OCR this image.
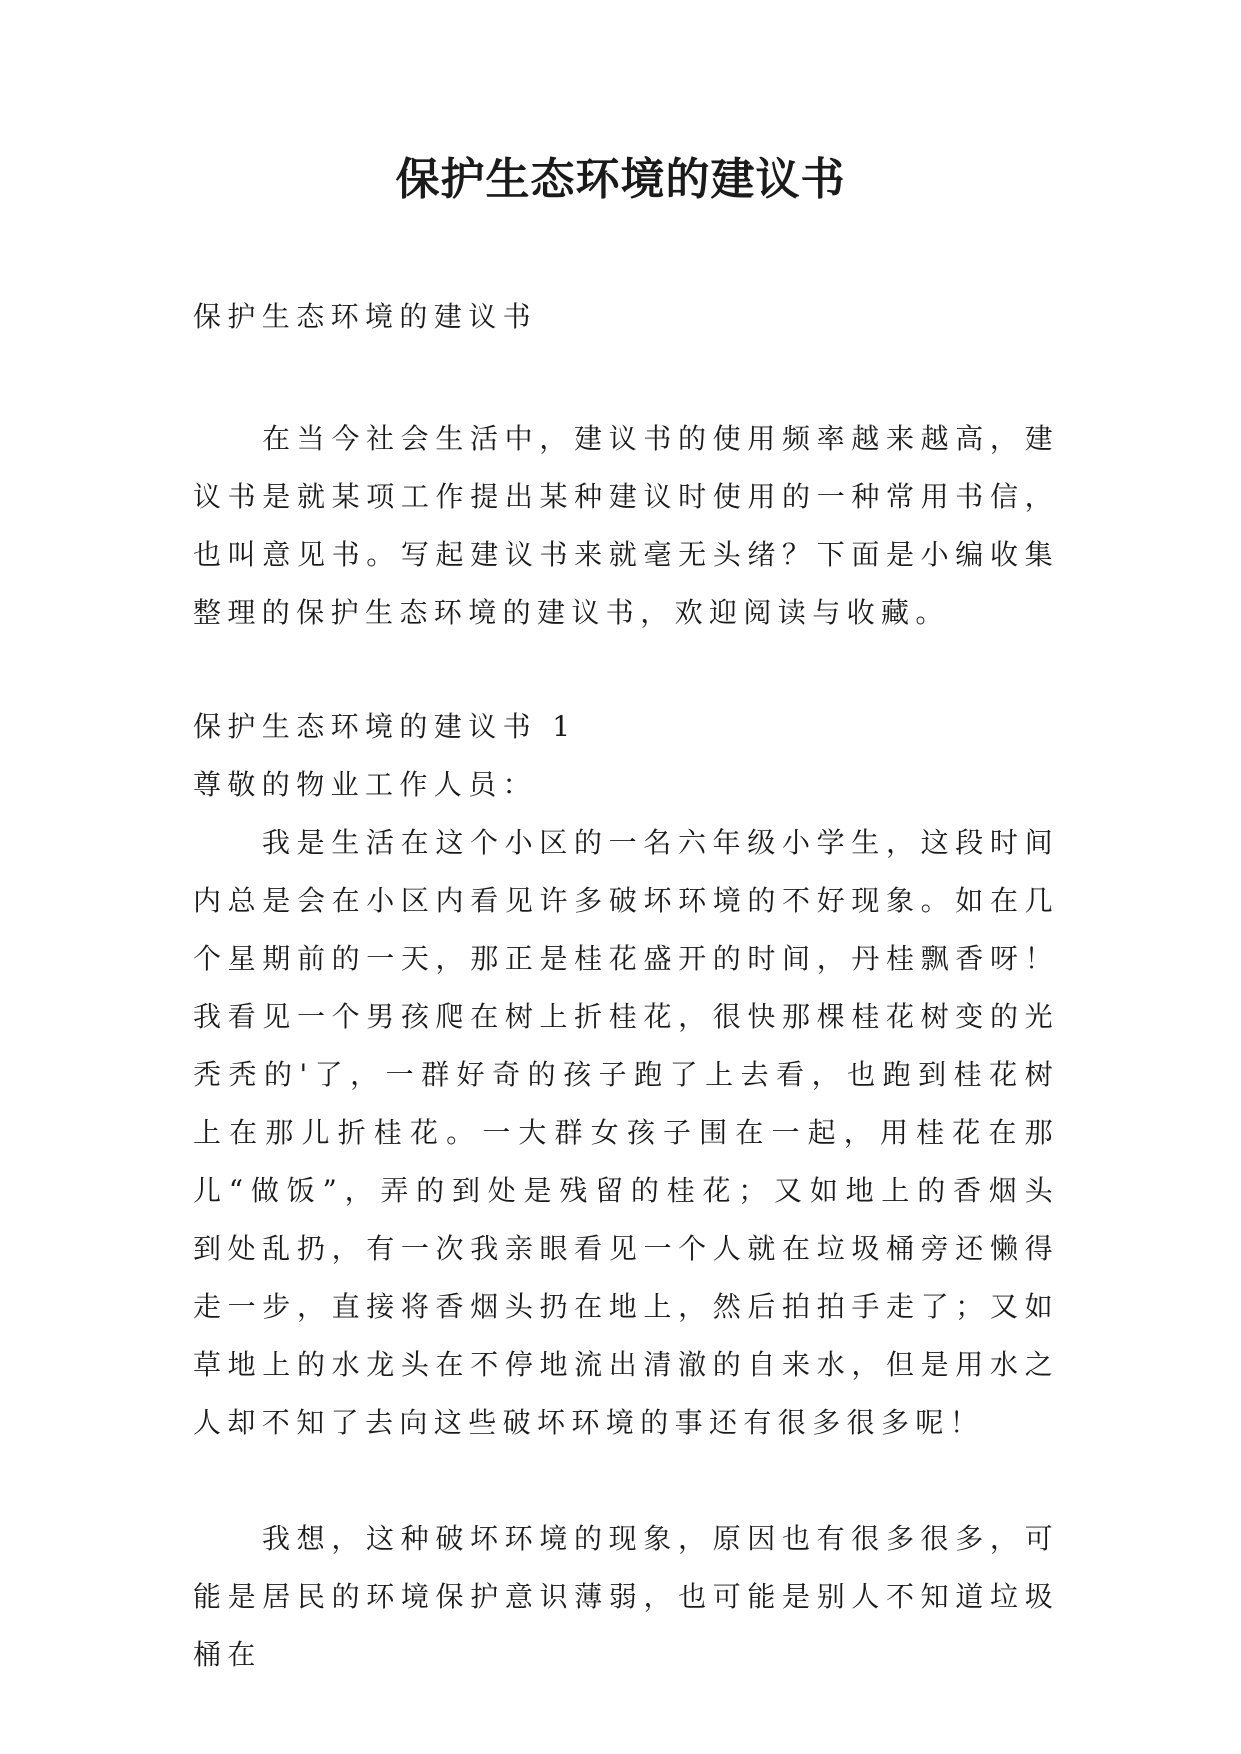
保护生态环境的建议书

保护生态环境的建议书

在当今社会生活中，建议书的使用频率越来越高，建议书是就某项工作提出某种建议时使用的一种常用书信，也叫意见书。写起建议书来就毫无头绪？下面是小编收集整理的保护生态环境的建议书，欢迎阅读与收藏。

保护生态环境的建议书 1

尊敬的物业工作人员：

我是生活在这个小区的一名六年级小学生，这段时间内总是会在小区内看见许多破坏环境的不好现象。如在几个星期前的一天，那正是桂花盛开的时间，丹桂飘香呀！我看见一个男孩爬在树上折桂花，很快那棵桂花树变的光秃秃的'了，一群好奇的孩子跑了上去看，也跑到桂花树上在那儿折桂花。一大群女孩子围在一起，用桂花在那儿“做饭”，弄的到处是残留的桂花；又如地上的香烟头到处乱扔，有一次我亲眼看见一个人就在垃圾桶旁还懒得走一步，直接将香烟头扔在地上，然后拍拍手走了；又如草地上的水龙头在不停地流出清澈的自来水，但是用水之人却不知了去向这些破坏环境的事还有很多很多呢！

我想，这种破坏环境的现象，原因也有很多很多，可能是居民的环境保护意识薄弱，也可能是别人不知道垃圾桶在
